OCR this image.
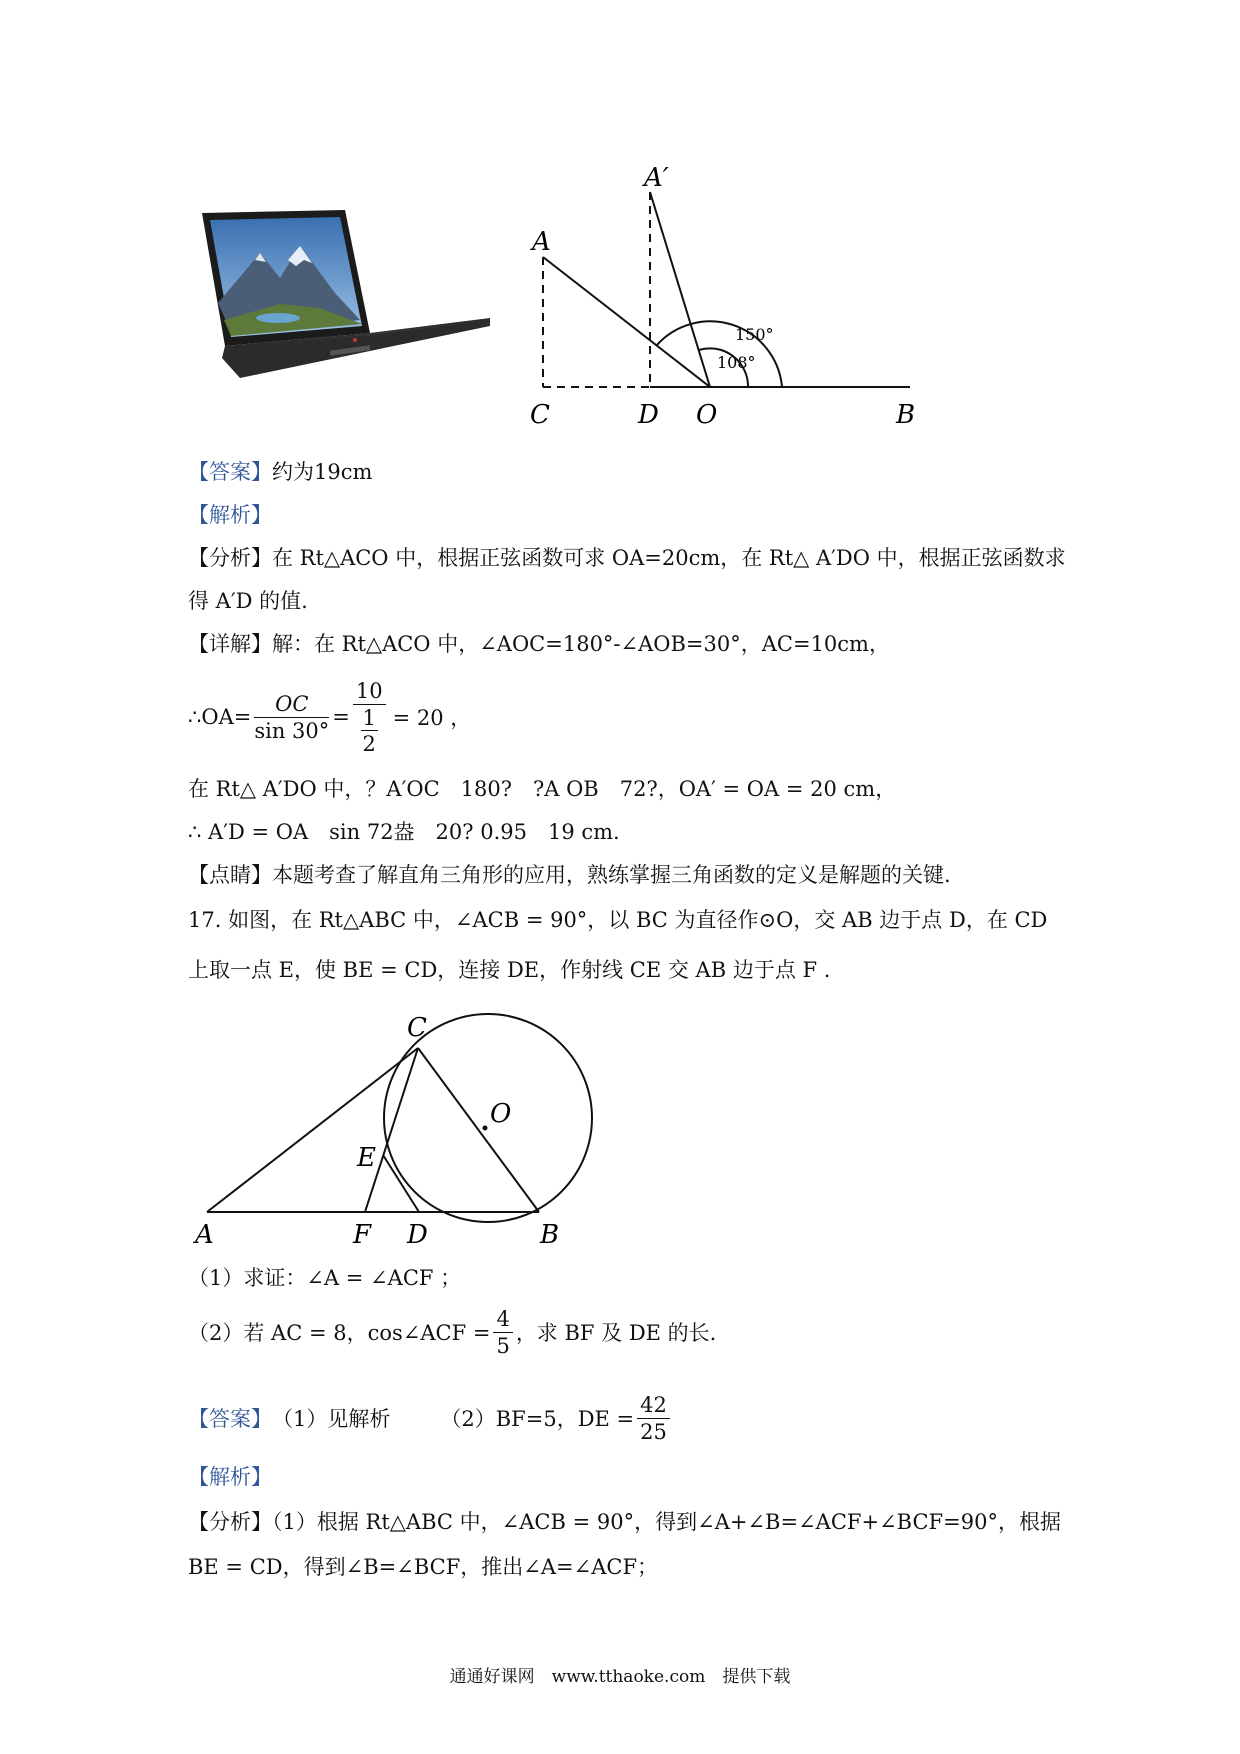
A′
A
C	D O	B
150°
108°
【答案】约为19cm
【解析】
【分析】在 Rt△ACO 中，根据正弦函数可求 OA=20cm，在 Rt△ A′DO 中，根据正弦函数求
得 A′D 的值.
【详解】解：在 Rt△ACO 中，∠AOC=180°-∠AOB=30°，AC=10cm，
∴OA= $\frac{OC}{\sin 30^\circ}$ =
10
1
2
= 20 ，
在 Rt△ A′DO 中，？A′OC　180?　?A OB　72?，OA′ = OA = 20 cm，
∴ A′D = OA　sin 72盎　20? 0.95　19 cm.
【点睛】本题考查了解直角三角形的应用，熟练掌握三角函数的定义是解题的关键.
17. 如图，在 Rt△ABC 中，∠ACB = 90°，以 BC 为直径作⊙O，交 AB 边于点 D，在 CD
上取一点 E，使 BE = CD，连接 DE，作射线 CE 交 AB 边于点 F .
C
O
E
A	F D	B
（1）求证：∠A = ∠ACF ；
（2）若 AC = 8，cos∠ACF = $\frac{4}{5}$ ，求 BF 及 DE 的长.
【答案】 （1）见解析 （2）BF=5，DE = $\frac{42}{25}$
【解析】
【分析】（1）根据 Rt△ABC 中，∠ACB = 90°，得到∠A+∠B=∠ACF+∠BCF=90°，根据
BE = CD，得到∠B=∠BCF，推出∠A=∠ACF；
通通好课网　www.tthaoke.com　提供下载
